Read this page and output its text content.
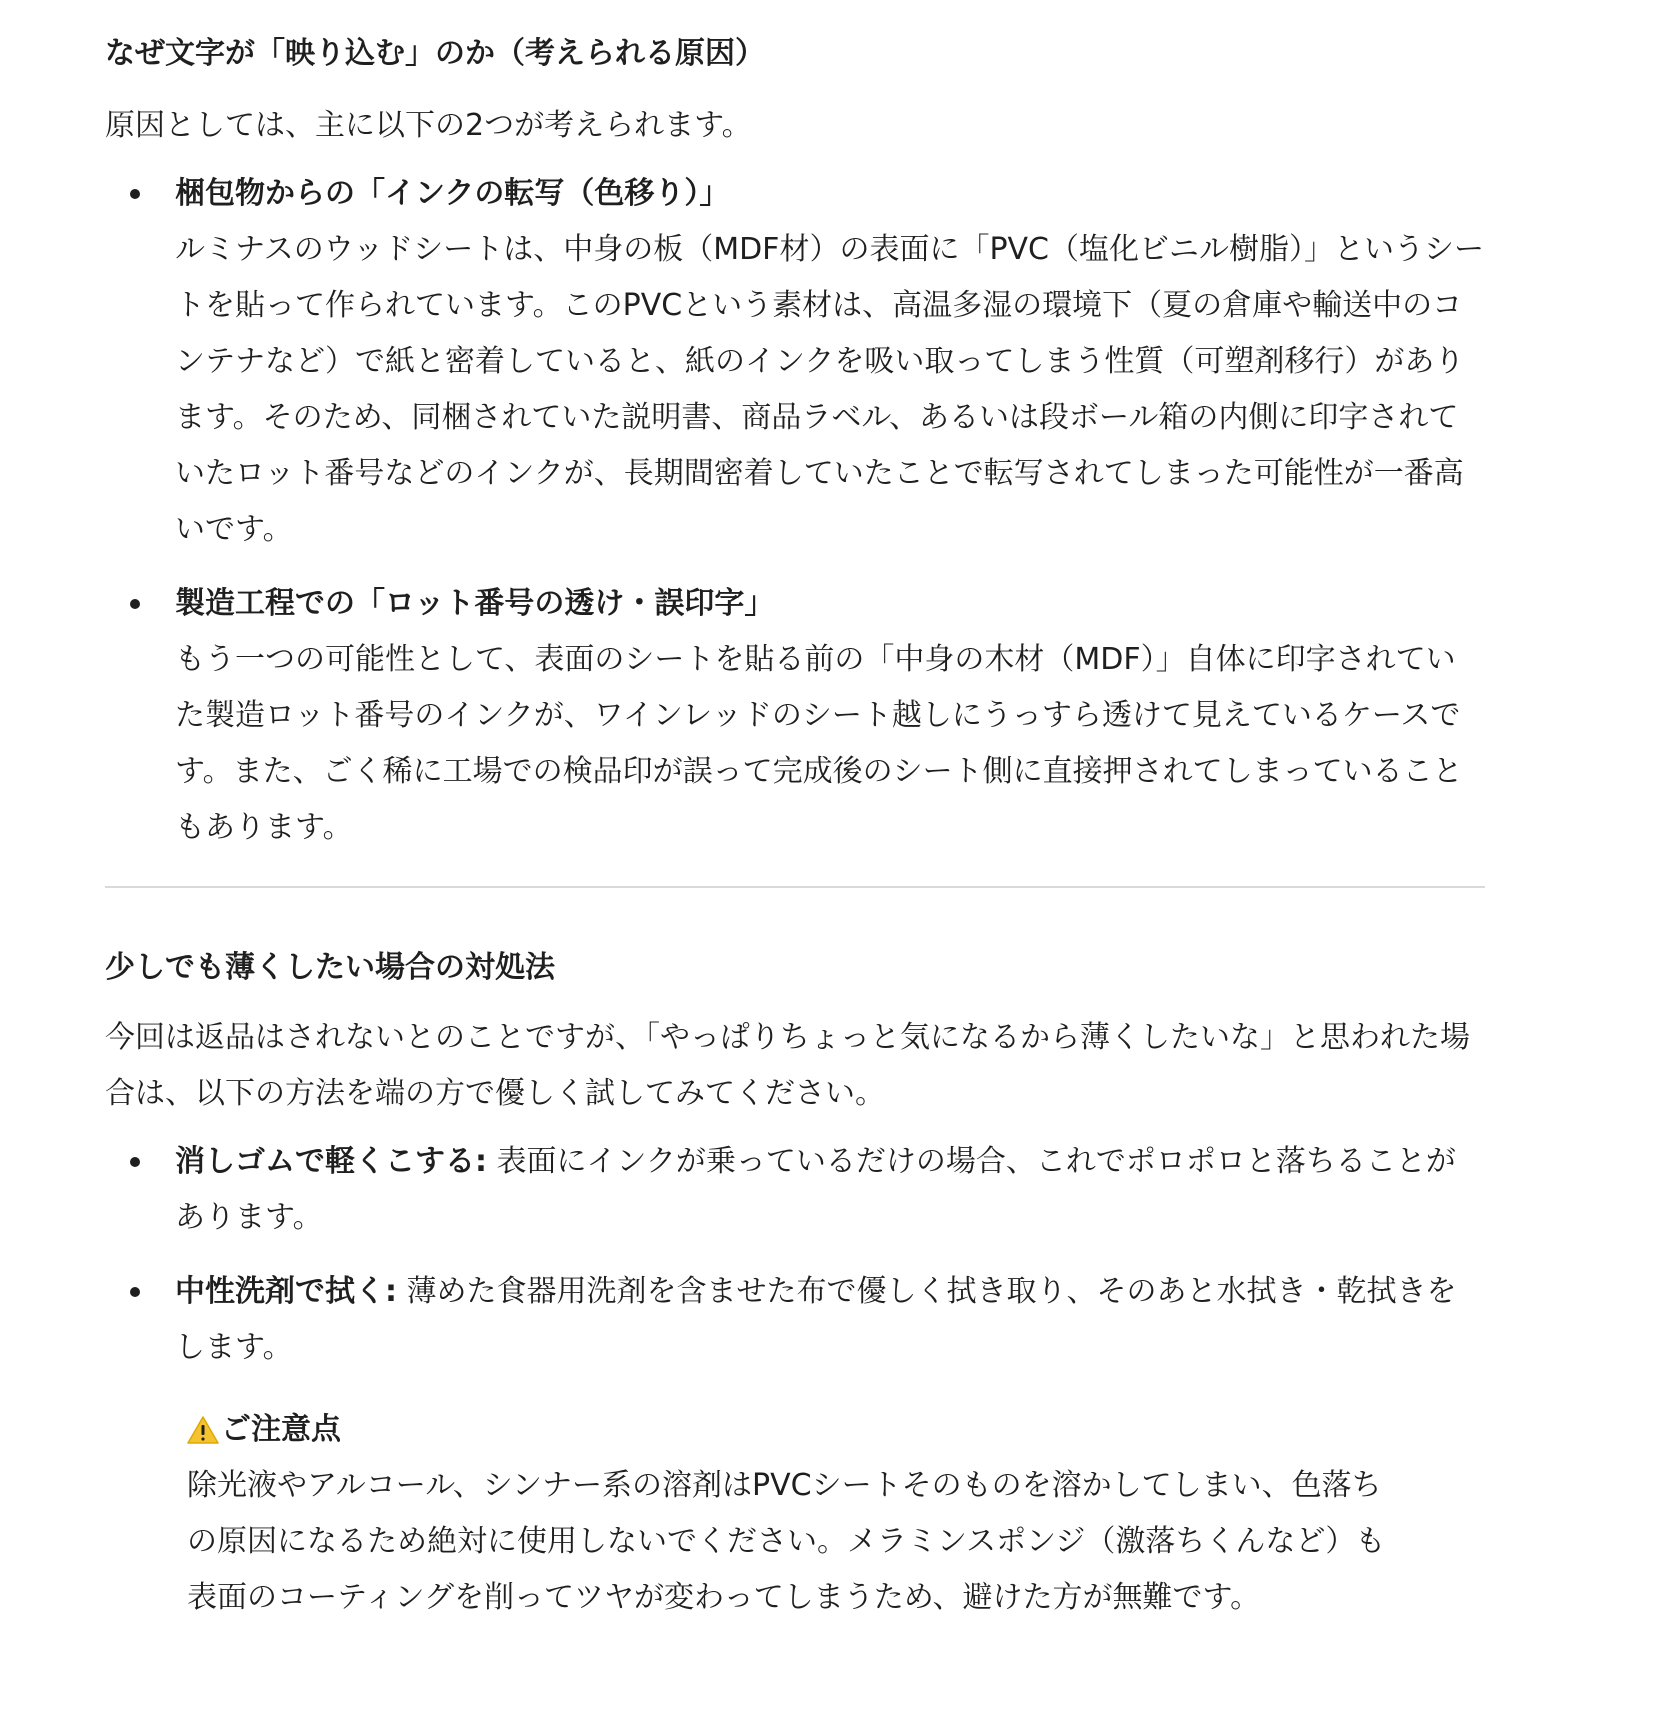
なぜ文字が「映り込む」のか（考えられる原因）

原因としては、主に以下の2つが考えられます。

梱包物からの「インクの転写（色移り）」
ルミナスのウッドシートは、中身の板（MDF材）の表面に「PVC（塩化ビニル樹脂）」というシートを貼って作られています。このPVCという素材は、高温多湿の環境下（夏の倉庫や輸送中のコンテナなど）で紙と密着していると、紙のインクを吸い取ってしまう性質（可塑剤移行）があります。そのため、同梱されていた説明書、商品ラベル、あるいは段ボール箱の内側に印字されていたロット番号などのインクが、長期間密着していたことで転写されてしまった可能性が一番高いです。
製造工程での「ロット番号の透け・誤印字」
もう一つの可能性として、表面のシートを貼る前の「中身の木材（MDF）」自体に印字されていた製造ロット番号のインクが、ワインレッドのシート越しにうっすら透けて見えているケースです。また、ごく稀に工場での検品印が誤って完成後のシート側に直接押されてしまっていることもあります。
少しでも薄くしたい場合の対処法

今回は返品はされないとのことですが、「やっぱりちょっと気になるから薄くしたいな」と思われた場合は、以下の方法を端の方で優しく試してみてください。

消しゴムで軽くこする: 表面にインクが乗っているだけの場合、これでポロポロと落ちることがあります。
中性洗剤で拭く: 薄めた食器用洗剤を含ませた布で優しく拭き取り、そのあと水拭き・乾拭きをします。
ご注意点
除光液やアルコール、シンナー系の溶剤はPVCシートそのものを溶かしてしまい、色落ちの原因になるため絶対に使用しないでください。メラミンスポンジ（激落ちくんなど）も表面のコーティングを削ってツヤが変わってしまうため、避けた方が無難です。
